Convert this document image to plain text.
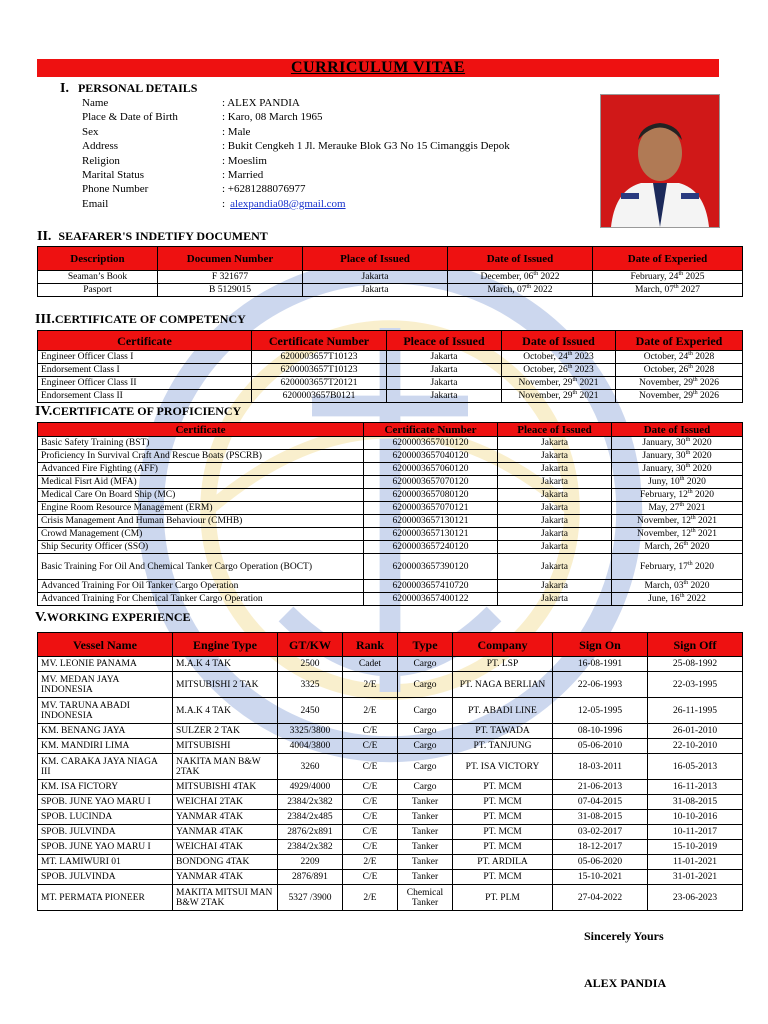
CURRICULUM VITAE
I. PERSONAL DETAILS
Name	: ALEX PANDIA
Place & Date of Birth	: Karo, 08 March 1965
Sex	: Male
Address	: Bukit Cengkeh 1 Jl. Merauke Blok G3 No 15 Cimanggis Depok
Religion	: Moeslim
Marital Status	: Married
Phone Number	: +6281288076977
Email	: alexpandia08@gmail.com
II. SEAFARER'S INDETIFY DOCUMENT
Description	Documen Number	Place of Issued	Date of Issued	Date of Experied
Seaman’s Book	F 321677	Jakarta	December, 06th 2022	February, 24th 2025
Pasport	B 5129015	Jakarta	March, 07th 2022	March, 07th 2027
III.CERTIFICATE OF COMPETENCY
Certificate	Certificate Number	Pleace of Issued	Date of Issued	Date of Experied
Engineer Officer Class I	6200003657T10123	Jakarta	October, 24th 2023	October, 24th 2028
Endorsement Class I	6200003657T10123	Jakarta	October, 26th 2023	October, 26th 2028
Engineer Officer Class II	6200003657T20121	Jakarta	November, 29th 2021	November, 29th 2026
Endorsement Class II	6200003657B0121	Jakarta	November, 29th 2021	November, 29th 2026
IV.CERTIFICATE OF PROFICIENCY
Certificate	Certificate Number	Pleace of Issued	Date of Issued
Basic Safety Training (BST)	6200003657010120	Jakarta	January, 30th 2020
Proficiency In Survival Craft And Rescue Boats (PSCRB)	6200003657040120	Jakarta	January, 30th 2020
Advanced Fire Fighting (AFF)	6200003657060120	Jakarta	January, 30th 2020
Medical Fisrt Aid (MFA)	6200003657070120	Jakarta	Juny, 10th 2020
Medical Care On Board Ship (MC)	6200003657080120	Jakarta	February, 12th 2020
Engine Room Resource Management (ERM)	6200003657070121	Jakarta	May, 27th 2021
Crisis Management And Human Behaviour (CMHB)	6200003657130121	Jakarta	November, 12th 2021
Crowd Management (CM)	6200003657130121	Jakarta	November, 12th 2021
Ship Security Officer (SSO)	6200003657240120	Jakarta	March, 26th 2020
Basic Training For Oil And Chemical Tanker Cargo Operation (BOCT)	6200003657390120	Jakarta	February, 17th 2020
Advanced Training For Oil Tanker Cargo Operation	6200003657410720	Jakarta	March, 03th 2020
Advanced Training For Chemical Tanker Cargo Operation	6200003657400122	Jakarta	June, 16th 2022
V.WORKING EXPERIENCE
Vessel Name	Engine Type	GT/KW	Rank	Type	Company	Sign On	Sign Off
MV. LEONIE PANAMA	M.A.K 4 TAK	2500	Cadet	Cargo	PT. LSP	16-08-1991	25-08-1992
MV. MEDAN JAYA INDONESIA	MITSUBISHI 2 TAK	3325	2/E	Cargo	PT. NAGA BERLIAN	22-06-1993	22-03-1995
MV. TARUNA ABADI INDONESIA	M.A.K 4 TAK	2450	2/E	Cargo	PT. ABADI LINE	12-05-1995	26-11-1995
KM. BENANG JAYA	SULZER 2 TAK	3325/3800	C/E	Cargo	PT. TAWADA	08-10-1996	26-01-2010
KM. MANDIRI LIMA	MITSUBISHI	4004/3800	C/E	Cargo	PT. TANJUNG	05-06-2010	22-10-2010
KM. CARAKA JAYA NIAGA III	NAKITA MAN B&W 2TAK	3260	C/E	Cargo	PT. ISA VICTORY	18-03-2011	16-05-2013
KM. ISA FICTORY	MITSUBISHI 4TAK	4929/4000	C/E	Cargo	PT. MCM	21-06-2013	16-11-2013
SPOB. JUNE YAO MARU I	WEICHAI 2TAK	2384/2x382	C/E	Tanker	PT. MCM	07-04-2015	31-08-2015
SPOB. LUCINDA	YANMAR 4TAK	2384/2x485	C/E	Tanker	PT. MCM	31-08-2015	10-10-2016
SPOB. JULVINDA	YANMAR 4TAK	2876/2x891	C/E	Tanker	PT. MCM	03-02-2017	10-11-2017
SPOB. JUNE YAO MARU I	WEICHAI 4TAK	2384/2x382	C/E	Tanker	PT. MCM	18-12-2017	15-10-2019
MT. LAMIWURI 01	BONDONG 4TAK	2209	2/E	Tanker	PT. ARDILA	05-06-2020	11-01-2021
SPOB. JULVINDA	YANMAR 4TAK	2876/891	C/E	Tanker	PT. MCM	15-10-2021	31-01-2021
MT. PERMATA PIONEER	MAKITA MITSUI MAN B&W 2TAK	5327 /3900	2/E	Chemical Tanker	PT. PLM	27-04-2022	23-06-2023
Sincerely Yours
ALEX PANDIA
